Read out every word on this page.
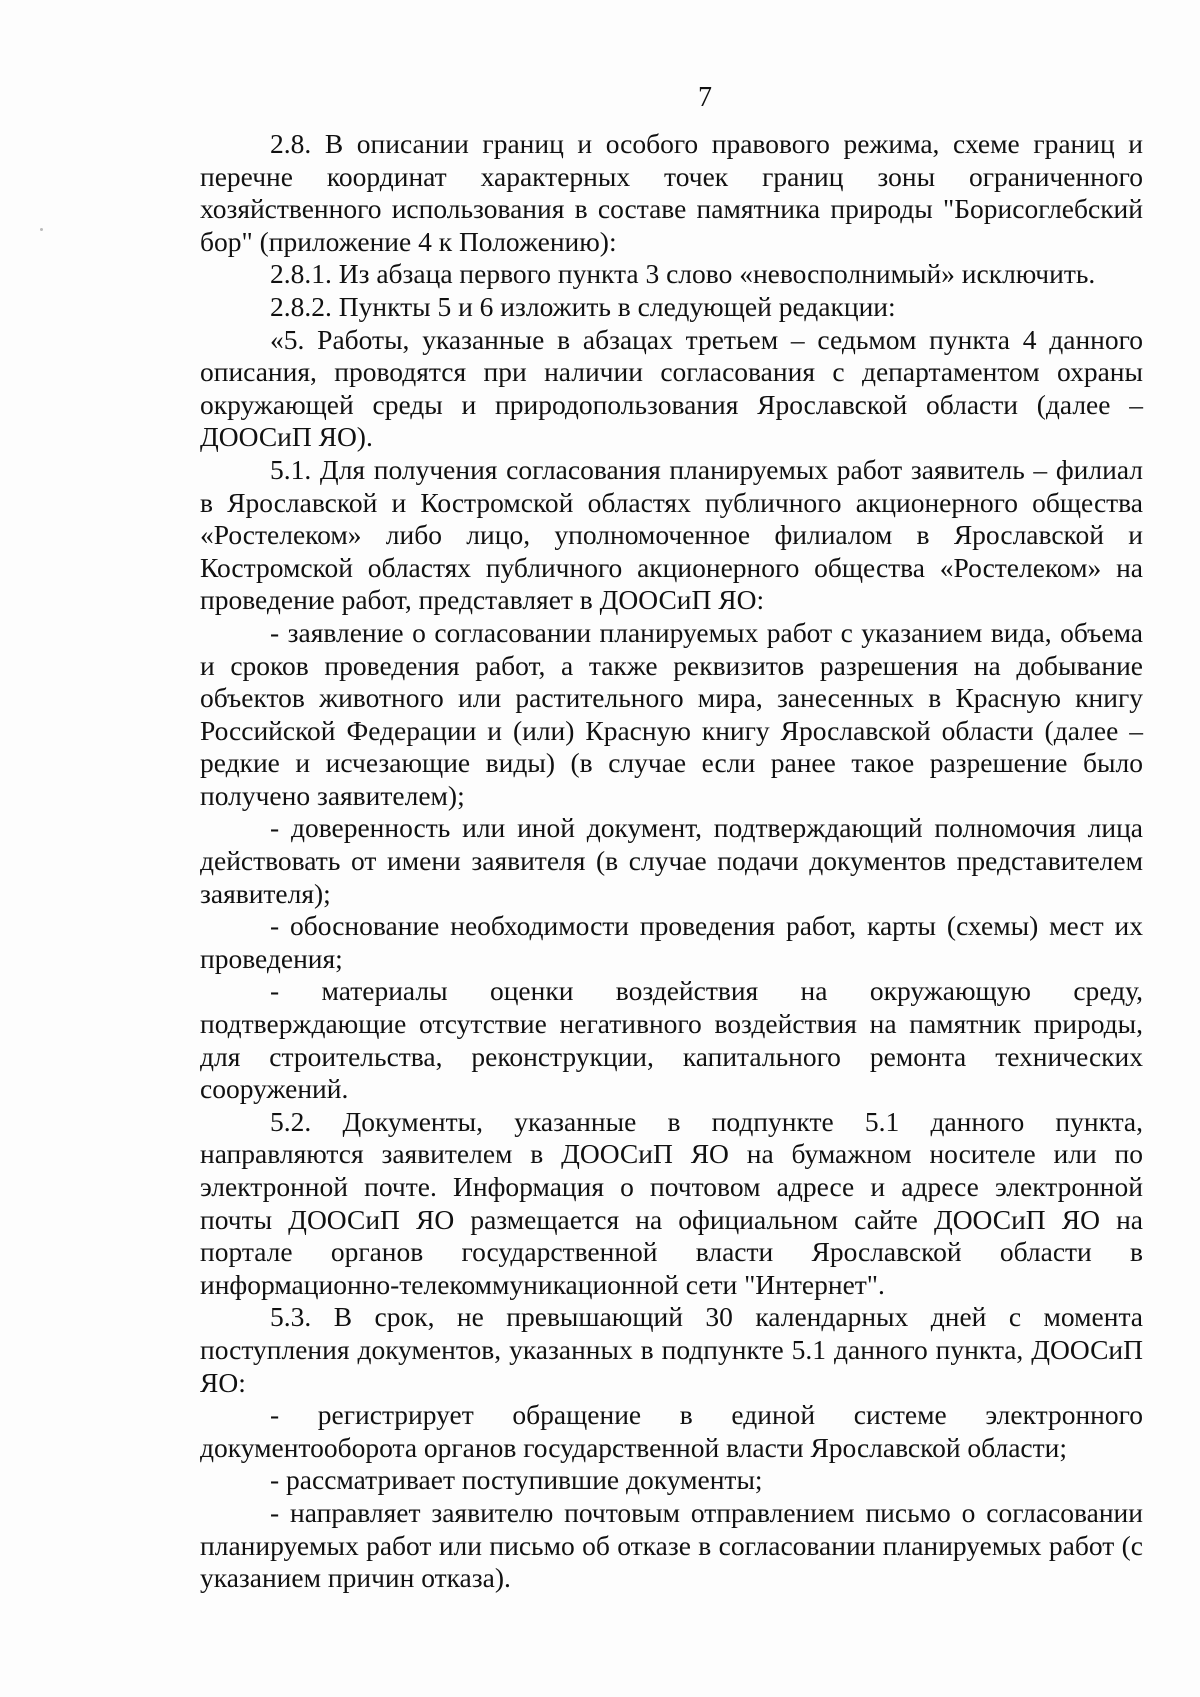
7

2.8. В описании границ и особого правового режима, схеме границ и перечне координат характерных точек границ зоны ограниченного хозяйственного использования в составе памятника природы "Борисоглебский бор" (приложение 4 к Положению):

2.8.1. Из абзаца первого пункта 3 слово «невосполнимый» исключить.

2.8.2. Пункты 5 и 6 изложить в следующей редакции:

«5. Работы, указанные в абзацах третьем – седьмом пункта 4 данного описания, проводятся при наличии согласования с департаментом охраны окружающей среды и природопользования Ярославской области (далее – ДООСиП ЯО).

5.1. Для получения согласования планируемых работ заявитель – филиал в Ярославской и Костромской областях публичного акционерного общества «Ростелеком» либо лицо, уполномоченное филиалом в Ярославской и Костромской областях публичного акционерного общества «Ростелеком» на проведение работ, представляет в ДООСиП ЯО:

- заявление о согласовании планируемых работ с указанием вида, объема и сроков проведения работ, а также реквизитов разрешения на добывание объектов животного или растительного мира, занесенных в Красную книгу Российской Федерации и (или) Красную книгу Ярославской области (далее – редкие и исчезающие виды) (в случае если ранее такое разрешение было получено заявителем);

- доверенность или иной документ, подтверждающий полномочия лица действовать от имени заявителя (в случае подачи документов представителем заявителя);

- обоснование необходимости проведения работ, карты (схемы) мест их проведения;

- материалы оценки воздействия на окружающую среду, подтверждающие отсутствие негативного воздействия на памятник природы, для строительства, реконструкции, капитального ремонта технических сооружений.

5.2. Документы, указанные в подпункте 5.1 данного пункта, направляются заявителем в ДООСиП ЯО на бумажном носителе или по электронной почте. Информация о почтовом адресе и адресе электронной почты ДООСиП ЯО размещается на официальном сайте ДООСиП ЯО на портале органов государственной власти Ярославской области в информационно-телекоммуникационной сети "Интернет".

5.3. В срок, не превышающий 30 календарных дней с момента поступления документов, указанных в подпункте 5.1 данного пункта, ДООСиП ЯО:

- регистрирует обращение в единой системе электронного документооборота органов государственной власти Ярославской области;

- рассматривает поступившие документы;

- направляет заявителю почтовым отправлением письмо о согласовании планируемых работ или письмо об отказе в согласовании планируемых работ (с указанием причин отказа).
